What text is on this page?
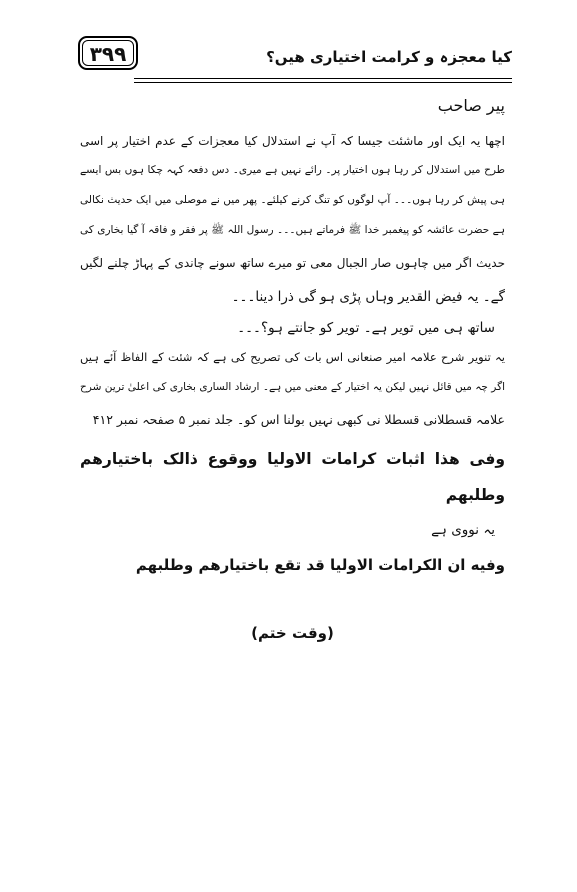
۳۹۹	کیا معجزہ و کرامت اختیاری ھیں؟
پیر صاحب
اچھا یہ ایک اور ماشئت جیسا کہ آپ نے استدلال کیا معجزات کے عدم اختیار پر اسی
طرح میں استدلال کر رہا ہوں اختیار پر۔ رائے نہیں ہے میری۔ دس دفعہ کہہ چکا ہوں بس ایسے
ہی پیش کر رہا ہوں۔۔۔ آپ لوگوں کو تنگ کرنے کیلئے۔ پھر میں نے موصلی میں ایک حدیث نکالی
ہے حضرت عائشہ کو پیغمبر خدا ﷺ فرماتے ہیں۔۔۔ رسول اللہ ﷺ پر فقر و فاقہ آ گیا بخاری کی
حدیث اگر میں چاہوں صار الجبال معی تو میرے ساتھ سونے چاندی کے پہاڑ چلنے لگیں
گے۔ یہ فیض القدیر وہاں پڑی ہو گی ذرا دینا۔۔۔
ساتھ ہی میں تویر ہے۔ تویر کو جانتے ہو؟۔۔۔
یہ تنویر شرح علامہ امیر صنعانی اس بات کی تصریح کی ہے کہ شئت کے الفاظ آئے ہیں
اگر چہ میں قائل نہیں لیکن یہ اختیار کے معنی میں ہے۔ ارشاد الساری بخاری کی اعلیٰ ترین شرح
علامہ قسطلانی قسطلا نی کبھی نہیں بولنا اس کو۔ جلد نمبر ۵ صفحہ نمبر ۴۱۲
وفی هذا اثبات کرامات الاولیا ووقوع ذالک باختیارهم
وطلبهم
یہ نووی ہے
وفیه ان الکرامات الاولیا قد تقع باختیارهم وطلبهم
(وقت ختم)
